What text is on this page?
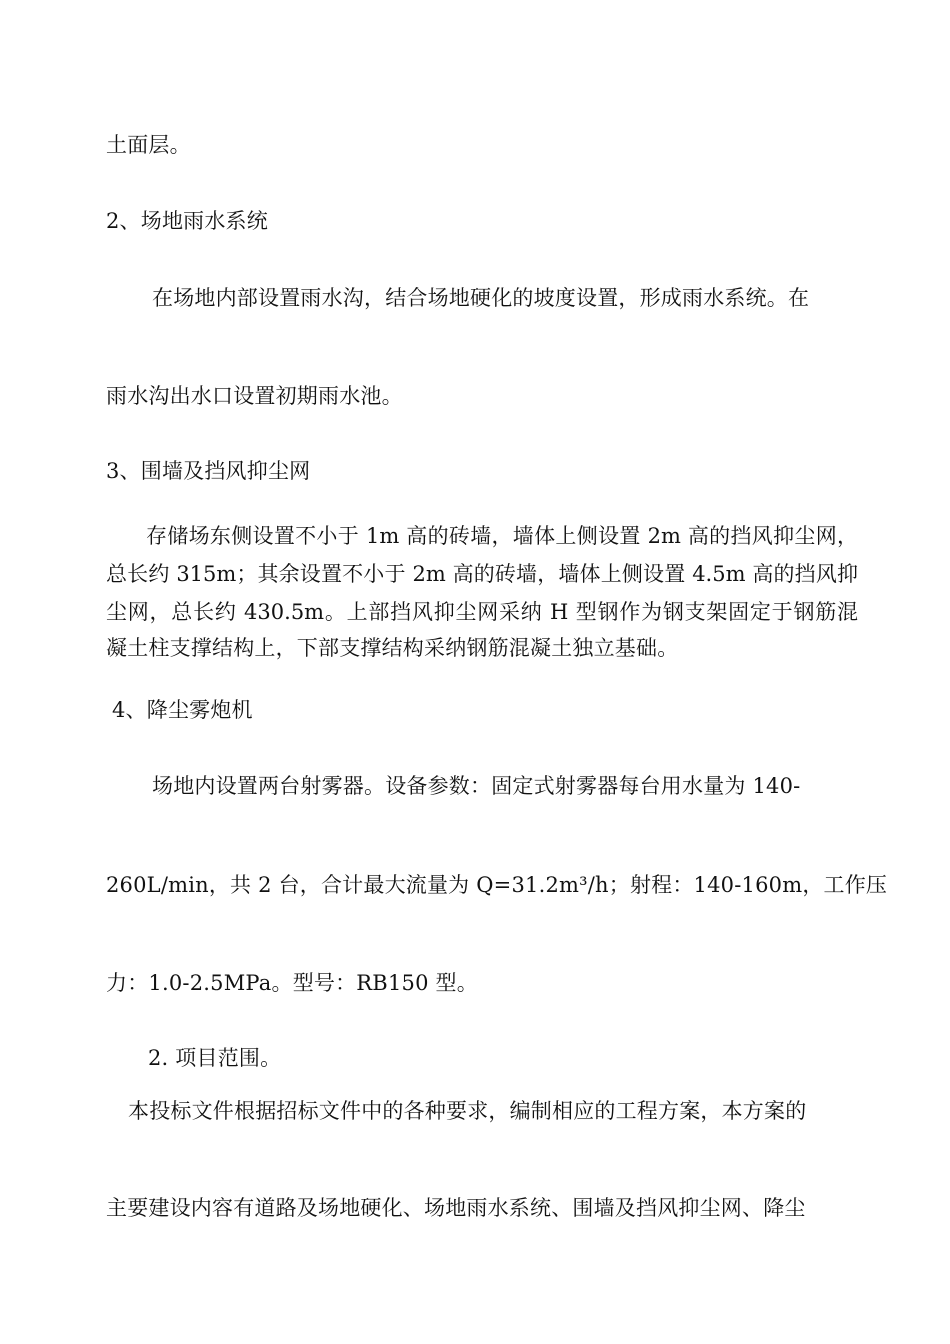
土面层。
2、场地雨水系统
在场地内部设置雨水沟，结合场地硬化的坡度设置，形成雨水系统。在
雨水沟出水口设置初期雨水池。
3、围墙及挡风抑尘网
存储场东侧设置不小于 1m 高的砖墙，墙体上侧设置 2m 高的挡风抑尘网，
总长约 315m；其余设置不小于 2m 高的砖墙，墙体上侧设置 4.5m 高的挡风抑
尘网，总长约 430.5m。上部挡风抑尘网采纳 H 型钢作为钢支架固定于钢筋混
凝土柱支撑结构上，下部支撑结构采纳钢筋混凝土独立基础。
4、降尘雾炮机
场地内设置两台射雾器。设备参数：固定式射雾器每台用水量为 140-
260L/min，共 2 台，合计最大流量为 Q=31.2m³/h；射程：140-160m，工作压
力：1.0-2.5MPa。型号：RB150 型。
2. 项目范围。
本投标文件根据招标文件中的各种要求，编制相应的工程方案，本方案的
主要建设内容有道路及场地硬化、场地雨水系统、围墙及挡风抑尘网、降尘
